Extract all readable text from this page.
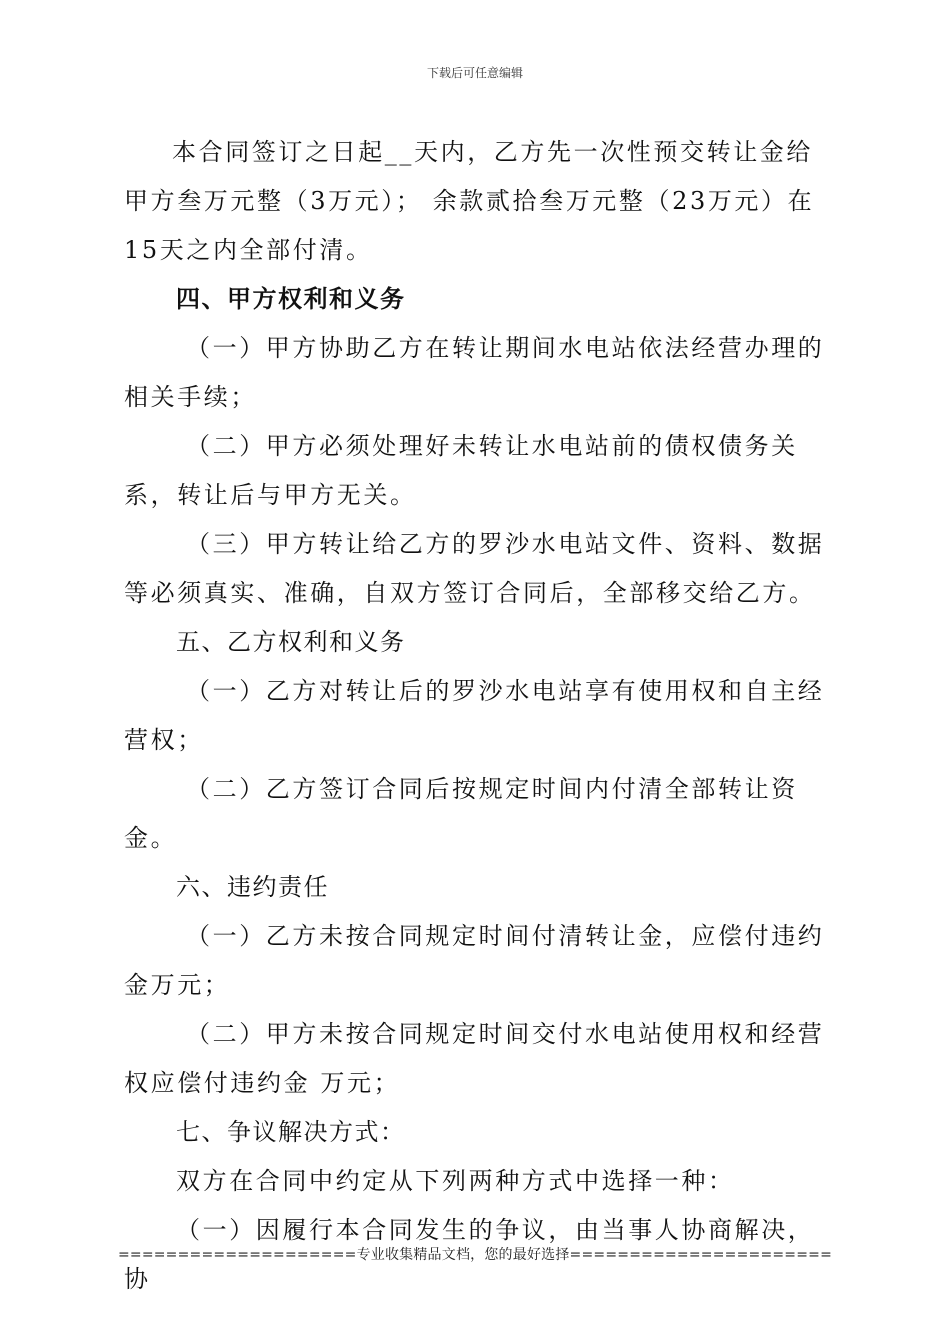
下载后可任意编辑

本合同签订之日起__天内，乙方先一次性预交转让金给甲方叁万元整（3万元）； 余款贰拾叁万元整（23万元）在 15天之内全部付清。

四、甲方权利和义务

（一）甲方协助乙方在转让期间水电站依法经营办理的相关手续；

（二）甲方必须处理好未转让水电站前的债权债务关系，转让后与甲方无关。

（三）甲方转让给乙方的罗沙水电站文件、资料、数据等必须真实、准确，自双方签订合同后，全部移交给乙方。

五、乙方权利和义务

（一）乙方对转让后的罗沙水电站享有使用权和自主经营权；

（二）乙方签订合同后按规定时间内付清全部转让资金。

六、违约责任

（一）乙方未按合同规定时间付清转让金，应偿付违约金万元；

（二）甲方未按合同规定时间交付水电站使用权和经营权应偿付违约金 万元；

七、争议解决方式：

双方在合同中约定从下列两种方式中选择一种：

（一）因履行本合同发生的争议，由当事人协商解决，协

====================专业收集精品文档，您的最好选择======================
